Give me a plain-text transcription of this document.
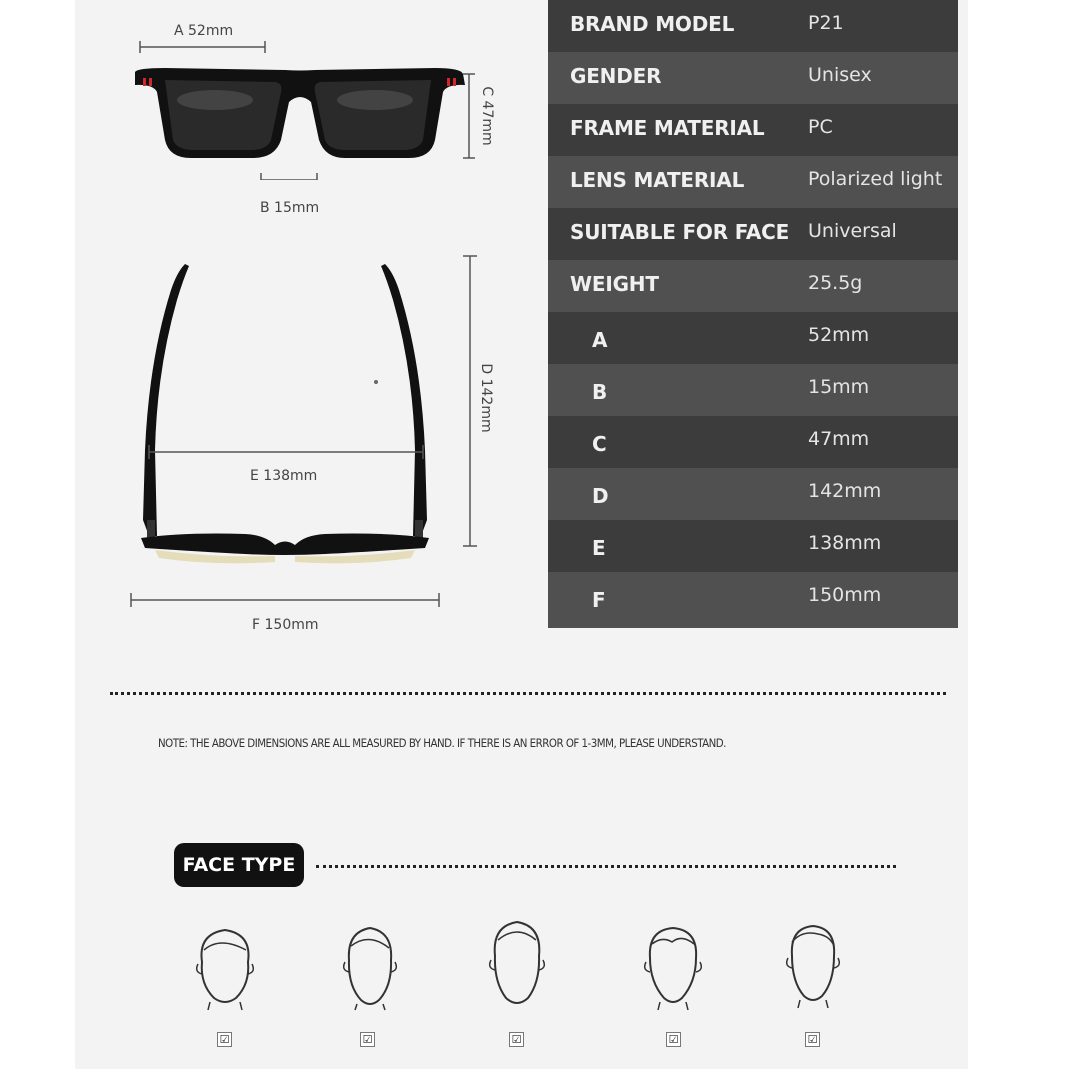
A 52mm
B 15mm
C 47mm
E 138mm
D 142mm
F 150mm
BRAND MODEL	P21
GENDER	Unisex
FRAME MATERIAL PC
LENS MATERIAL	Polarized light
SUITABLE FOR FACE Universal
WEIGHT	25.5g
A	52mm
B	15mm
C	47mm
D	142mm
E	138mm
F	150mm
NOTE: THE ABOVE DIMENSIONS ARE ALL MEASURED BY HAND. IF THERE IS AN ERROR OF 1-3MM, PLEASE UNDERSTAND.
FACE TYPE
☑	☑	☑	☑	☑
